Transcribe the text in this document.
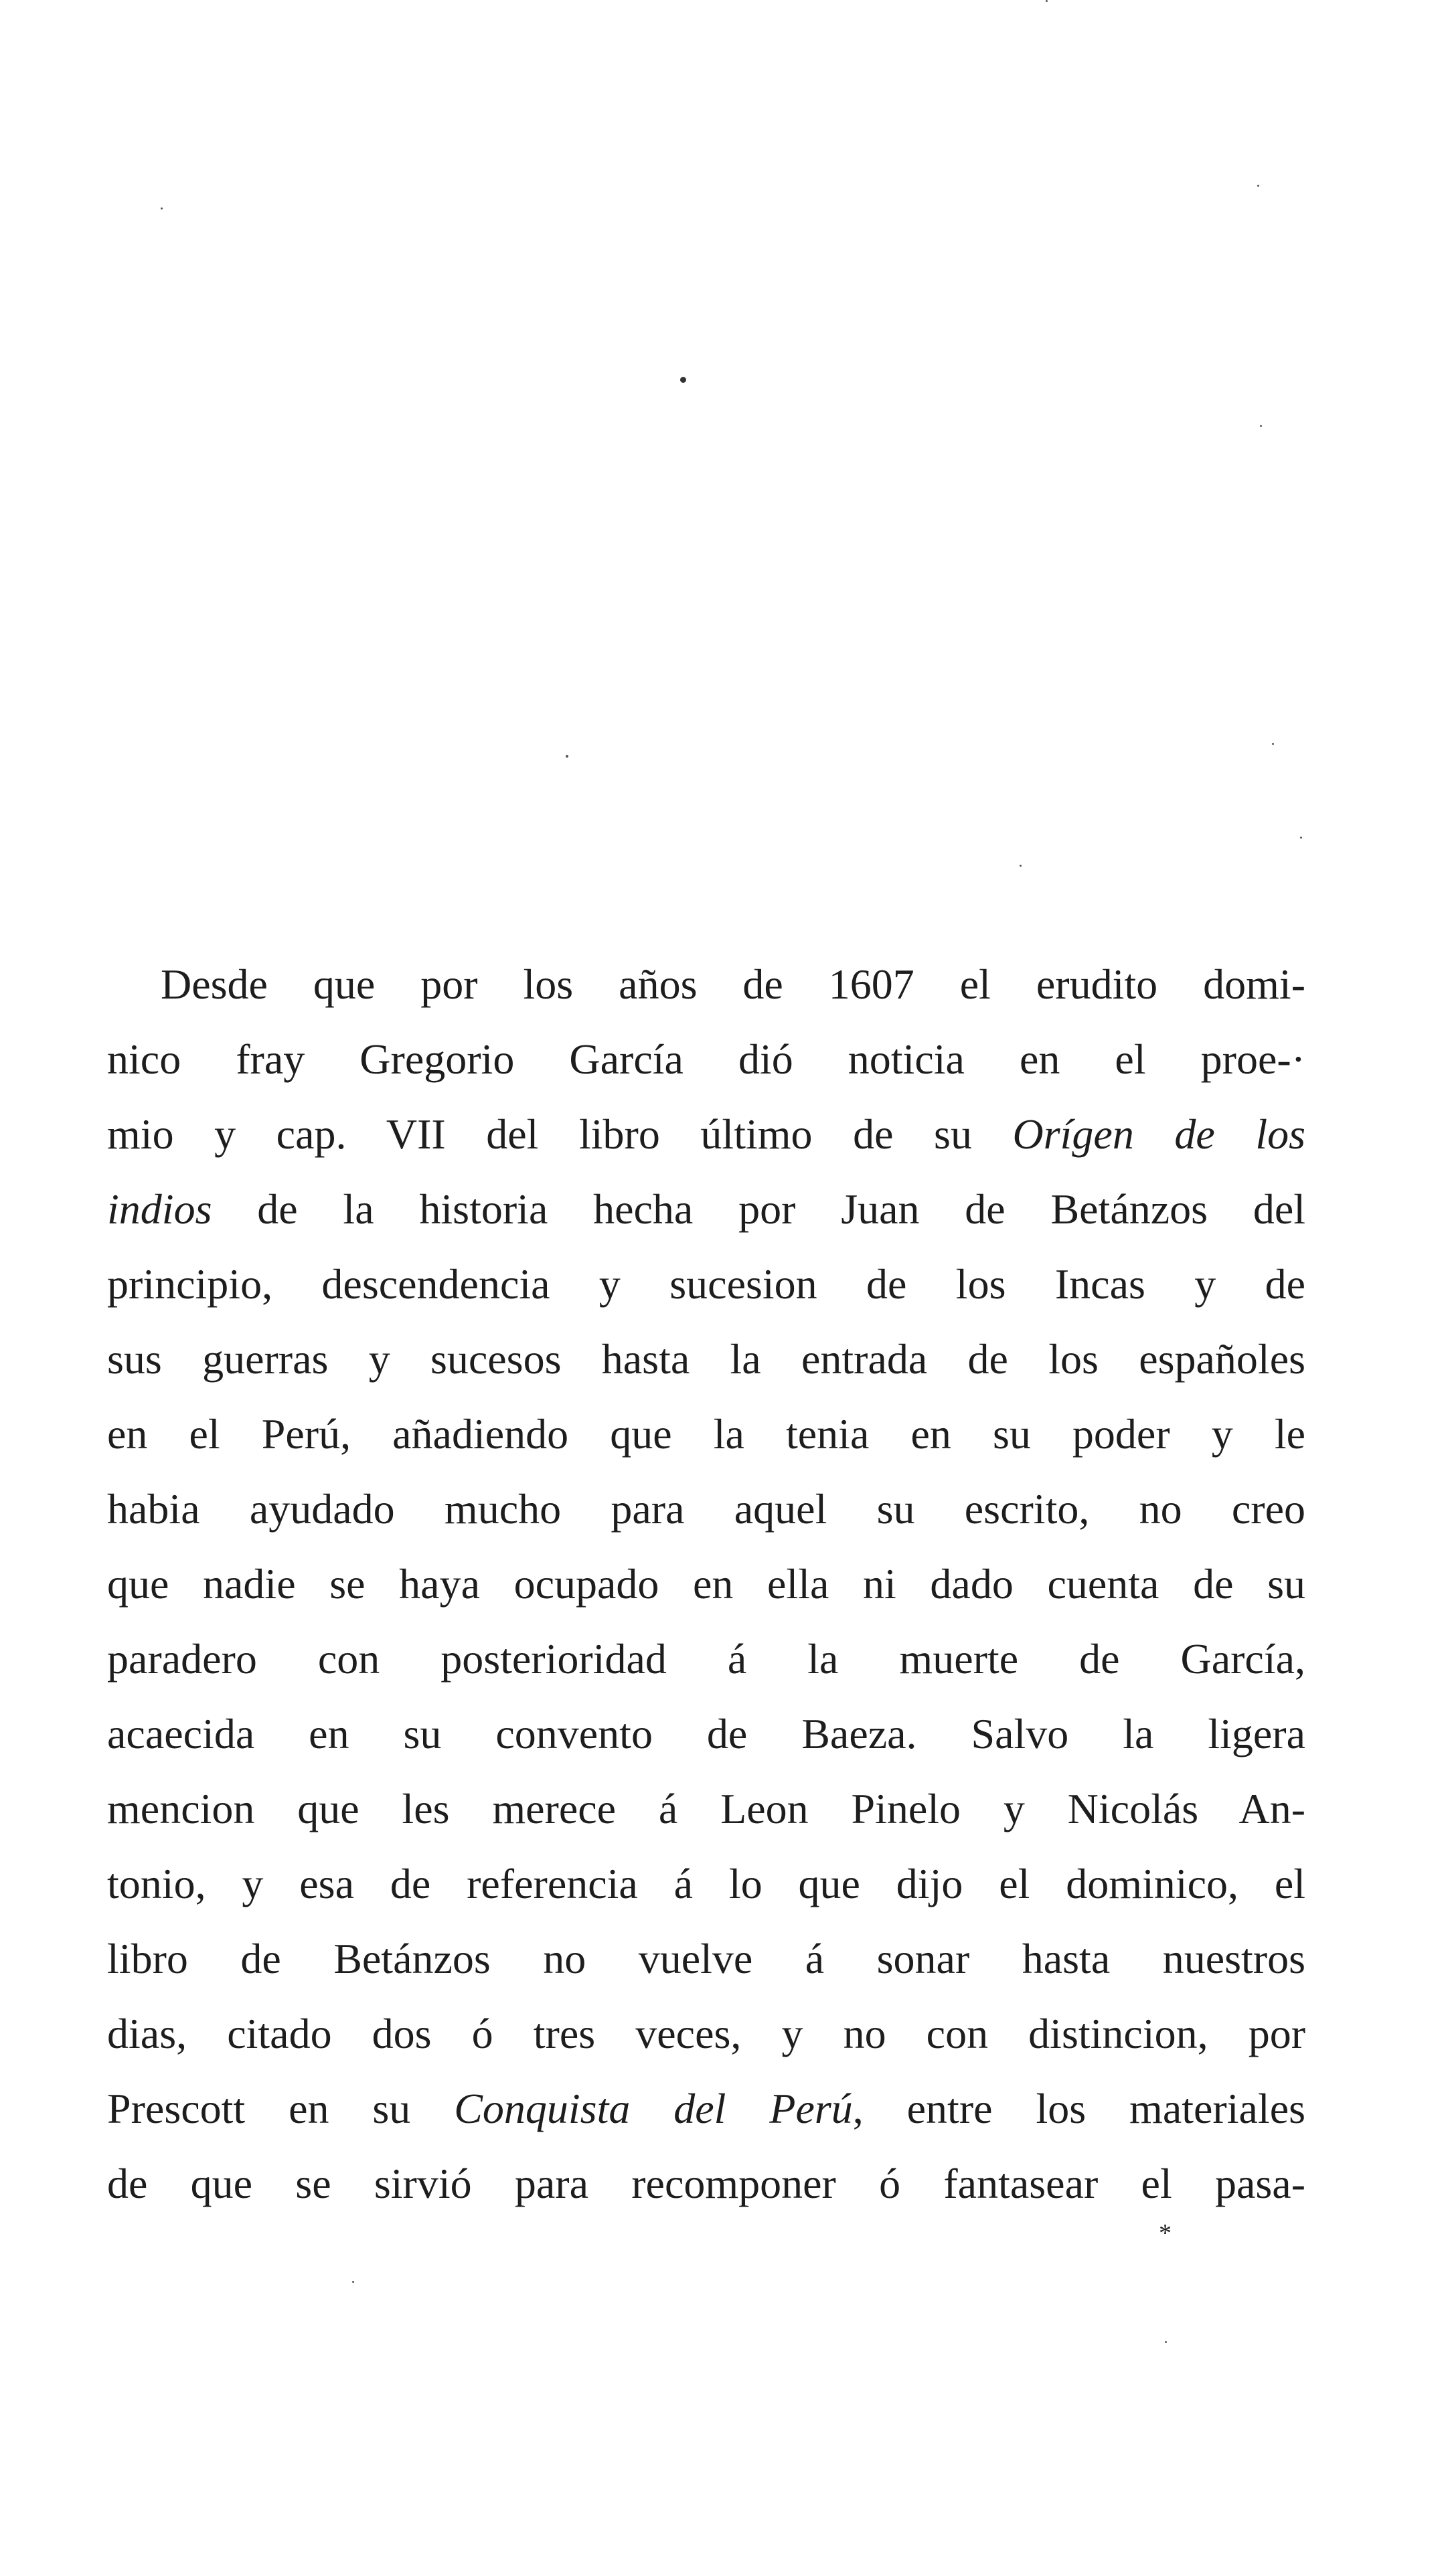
Desde que por los años de 1607 el erudito domi-
nico fray Gregorio García dió noticia en el proe-·
mio y cap. VII del libro último de su Orígen de los
indios de la historia hecha por Juan de Betánzos del
principio, descendencia y sucesion de los Incas y de
sus guerras y sucesos hasta la entrada de los españoles
en el Perú, añadiendo que la tenia en su poder y le
habia ayudado mucho para aquel su escrito, no creo
que nadie se haya ocupado en ella ni dado cuenta de su
paradero con posterioridad á la muerte de García,
acaecida en su convento de Baeza. Salvo la ligera
mencion que les merece á Leon Pinelo y Nicolás An-
tonio, y esa de referencia á lo que dijo el dominico, el
libro de Betánzos no vuelve á sonar hasta nuestros
dias, citado dos ó tres veces, y no con distincion, por
Prescott en su Conquista del Perú, entre los materiales
de que se sirvió para recomponer ó fantasear el pasa-

*
